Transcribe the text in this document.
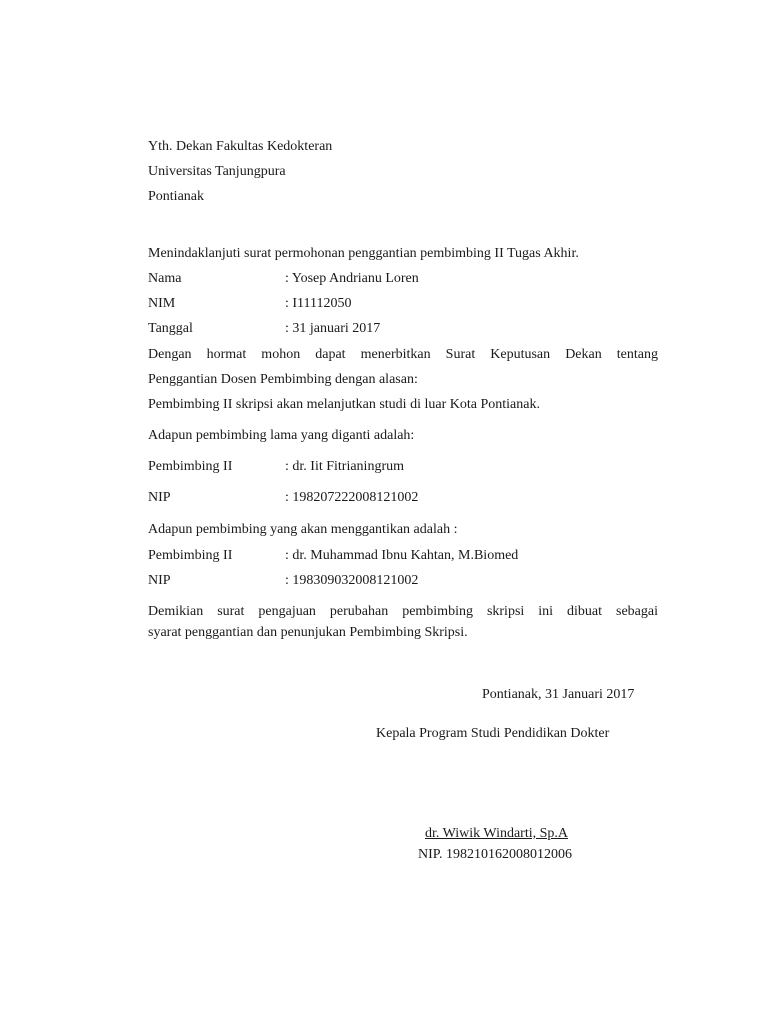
Yth. Dekan Fakultas Kedokteran
Universitas Tanjungpura
Pontianak
Menindaklanjuti surat permohonan penggantian pembimbing II Tugas Akhir.
Nama	: Yosep Andrianu Loren
NIM	: I11112050
Tanggal	: 31 januari 2017
Dengan hormat mohon dapat menerbitkan Surat Keputusan Dekan tentang
Penggantian Dosen Pembimbing dengan alasan:
Pembimbing II skripsi akan melanjutkan studi di luar Kota Pontianak.
Adapun pembimbing lama yang diganti adalah:
Pembimbing II	: dr. Iit Fitrianingrum
NIP	: 198207222008121002
Adapun pembimbing yang akan menggantikan adalah :
Pembimbing II	: dr. Muhammad Ibnu Kahtan, M.Biomed
NIP	: 198309032008121002
Demikian surat pengajuan perubahan pembimbing skripsi ini dibuat sebagai
syarat penggantian dan penunjukan Pembimbing Skripsi.
Pontianak, 31 Januari 2017
Kepala Program Studi Pendidikan Dokter
dr. Wiwik Windarti, Sp.A
NIP. 198210162008012006
